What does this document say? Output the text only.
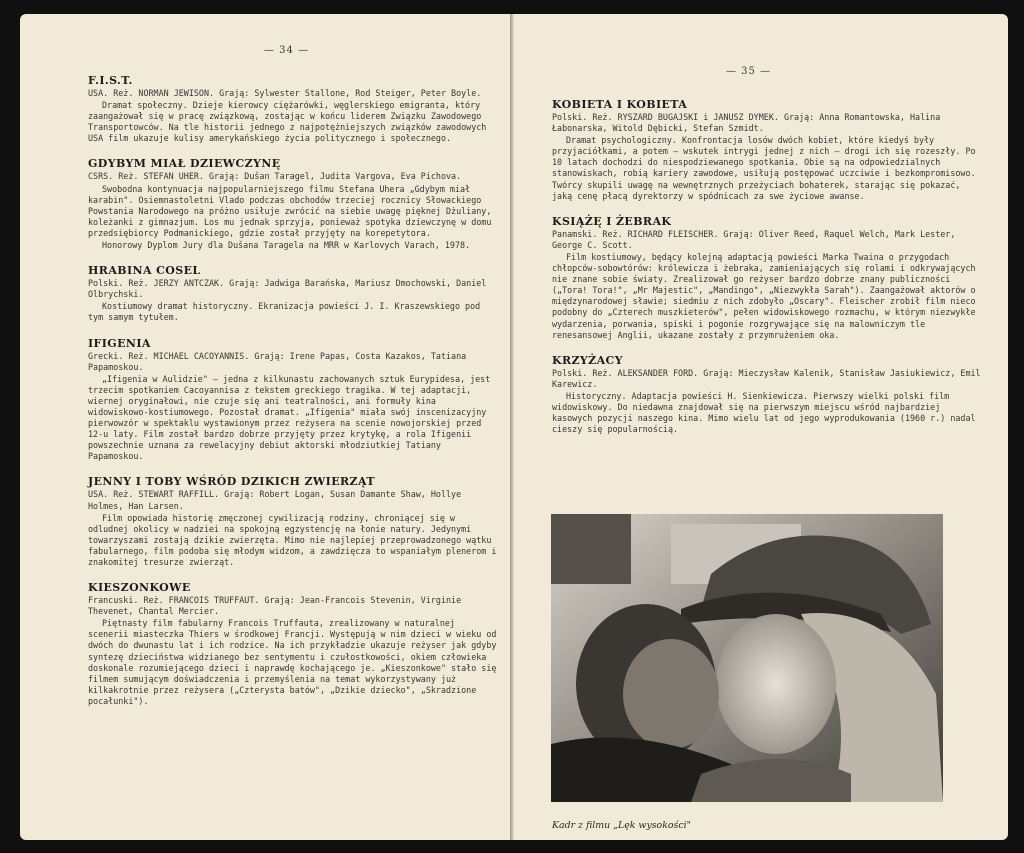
— 34 —
F.I.S.T.
USA. Reż. NORMAN JEWISON. Grają: Sylwester Stallone, Rod Steiger, Peter Boyle.
Dramat społeczny. Dzieje kierowcy ciężarówki, węglerskiego emigranta, który zaangażował się w pracę związkową, zostając w końcu liderem Związku Zawodowego Transportowców. Na tle historii jednego z najpotężniejszych związków zawodowych USA film ukazuje kulisy amerykańskiego życia politycznego i społecznego.
GDYBYM MIAŁ DZIEWCZYNĘ
CSRS. Reż. STEFAN UHER. Grają: Dušan Taragel, Judita Vargova, Eva Pichova.
Swobodna kontynuacja najpopularniejszego filmu Stefana Uhera „Gdybym miał karabin". Osiemnastoletni Vlado podczas obchodów trzeciej rocznicy Słowackiego Powstania Narodowego na próżno usiłuje zwrócić na siebie uwagę pięknej Dżuliany, koleżanki z gimnazjum. Los mu jednak sprzyja, ponieważ spotyka dziewczynę w domu przedsiębiorcy Podmanickiego, gdzie został przyjęty na korepetytora.
Honorowy Dyplom Jury dla Dušana Taragela na MRR w Karlovych Varach, 1978.
HRABINA COSEL
Polski. Reż. JERZY ANTCZAK. Grają: Jadwiga Barańska, Mariusz Dmochowski, Daniel Olbrychski.
Kostiumowy dramat historyczny. Ekranizacja powieści J. I. Kraszewskiego pod tym samym tytułem.
IFIGENIA
Grecki. Reż. MICHAEL CACOYANNIS. Grają: Irene Papas, Costa Kazakos, Tatiana Papamoskou.
„Ifigenia w Aulidzie" — jedna z kilkunastu zachowanych sztuk Eurypidesa, jest trzecim spotkaniem Cacoyannisa z tekstem greckiego tragika. W tej adaptacji, wiernej oryginałowi, nie czuje się ani teatralności, ani formuły kina widowiskowo-kostiumowego. Pozostał dramat. „Ifigenia" miała swój inscenizacyjny pierwowzór w spektaklu wystawionym przez reżysera na scenie nowojorskiej przed 12-u laty. Film został bardzo dobrze przyjęty przez krytykę, a rola Ifigenii powszechnie uznana za rewelacyjny debiut aktorski młodziutkiej Tatiany Papamoskou.
JENNY I TOBY WŚRÓD DZIKICH ZWIERZĄT
USA. Reż. STEWART RAFFILL. Grają: Robert Logan, Susan Damante Shaw, Hollye Holmes, Han Larsen.
Film opowiada historię zmęczonej cywilizacją rodziny, chroniącej się w odludnej okolicy w nadziei na spokojną egzystencję na łonie natury. Jedynymi towarzyszami zostają dzikie zwierzęta. Mimo nie najlepiej przeprowadzonego wątku fabularnego, film podoba się młodym widzom, a zawdzięcza to wspaniałym plenerom i znakomitej tresurze zwierząt.
KIESZONKOWE
Francuski. Reż. FRANCOIS TRUFFAUT. Grają: Jean-Francois Stevenin, Virginie Thevenet, Chantal Mercier.
Piętnasty film fabularny Francois Truffauta, zrealizowany w naturalnej scenerii miasteczka Thiers w środkowej Francji. Występują w nim dzieci w wieku od dwóch do dwunastu lat i ich rodzice. Na ich przykładzie ukazuje reżyser jak gdyby syntezę dzieciństwa widzianego bez sentymentu i czułostkowości, okiem człowieka doskonale rozumiejącego dzieci i naprawdę kochającego je. „Kieszonkowe" stało się filmem sumującym doświadczenia i przemyślenia na temat wykorzystywany już kilkakrotnie przez reżysera („Czterysta batów", „Dzikie dziecko", „Skradzione pocałunki").
— 35 —
KOBIETA I KOBIETA
Polski. Reż. RYSZARD BUGAJSKI i JANUSZ DYMEK. Grają: Anna Romantowska, Halina Łabonarska, Witold Dębicki, Stefan Szmidt.
Dramat psychologiczny. Konfrontacja losów dwóch kobiet, które kiedyś były przyjaciółkami, a potem — wskutek intrygi jednej z nich — drogi ich się rozeszły. Po 10 latach dochodzi do niespodziewanego spotkania. Obie są na odpowiedzialnych stanowiskach, robią kariery zawodowe, usiłują postępować uczciwie i bezkompromisowo. Twórcy skupili uwagę na wewnętrznych przeżyciach bohaterek, starając się pokazać, jaką cenę płacą dyrektorzy w spódnicach za swe życiowe awanse.
KSIĄŻĘ I ŻEBRAK
Panamski. Reż. RICHARD FLEISCHER. Grają: Oliver Reed, Raquel Welch, Mark Lester, George C. Scott.
Film kostiumowy, będący kolejną adaptacją powieści Marka Twaina o przygodach chłopców-sobowtórów: królewicza i żebraka, zamieniających się rolami i odkrywających nie znane sobie światy. Zrealizował go reżyser bardzo dobrze znany publiczności („Tora! Tora!", „Mr Majestic", „Mandingo", „Niezwykła Sarah"). Zaangażował aktorów o międzynarodowej sławie; siedmiu z nich zdobyło „Oscary". Fleischer zrobił film nieco podobny do „Czterech muszkieterów", pełen widowiskowego rozmachu, w którym niezwykłe wydarzenia, porwania, spiski i pogonie rozgrywające się na malowniczym tle renesansowej Anglii, ukazane zostały z przymrużeniem oka.
KRZYŻACY
Polski. Reż. ALEKSANDER FORD. Grają: Mieczysław Kalenik, Stanisław Jasiukiewicz, Emil Karewicz.
Historyczny. Adaptacja powieści H. Sienkiewicza. Pierwszy wielki polski film widowiskowy. Do niedawna znajdował się na pierwszym miejscu wśród najbardziej kasowych pozycji naszego kina. Mimo wielu lat od jego wyprodukowania (1960 r.) nadal cieszy się popularnością.
Kadr z filmu „Lęk wysokości"
